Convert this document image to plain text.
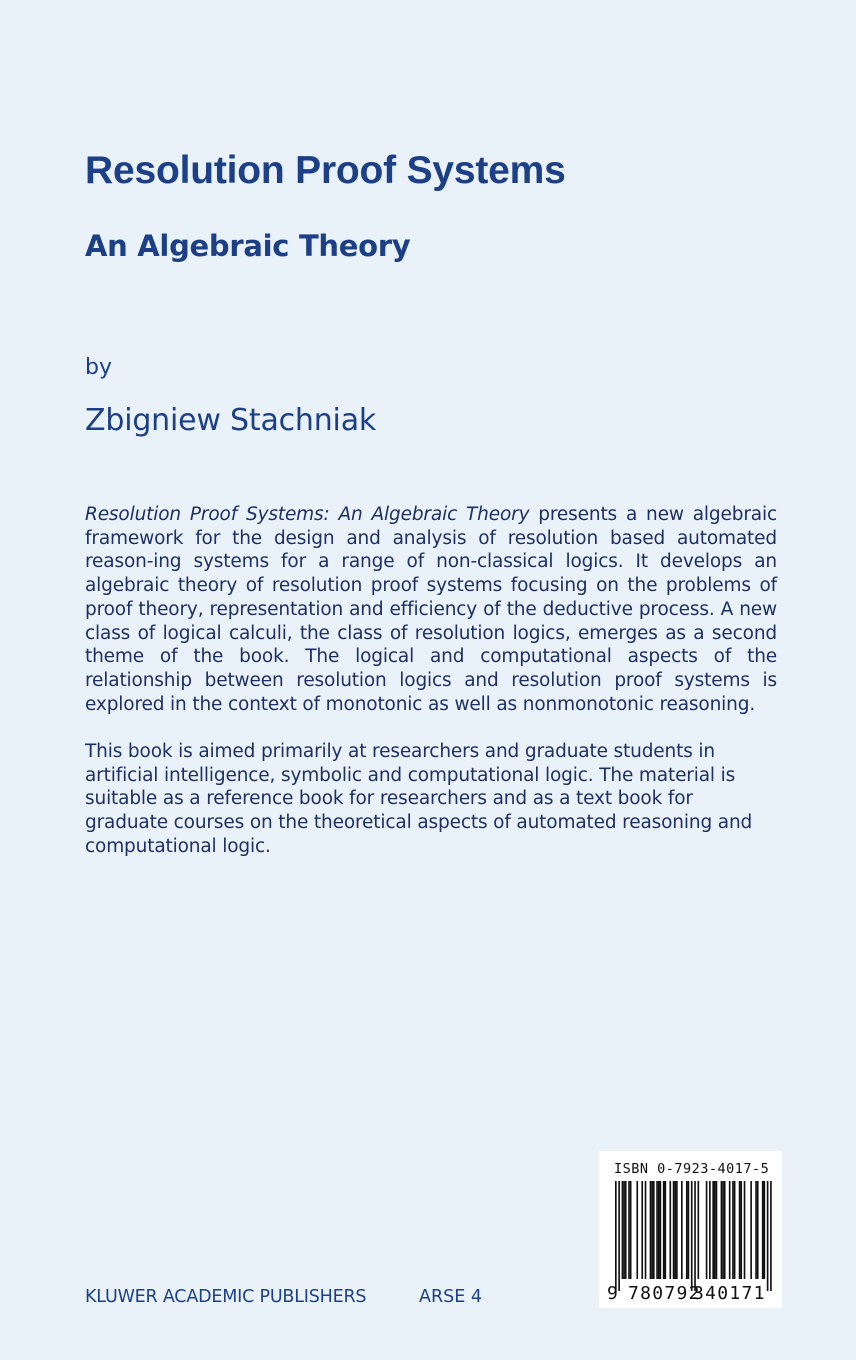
Resolution Proof Systems
An Algebraic Theory
by
Zbigniew Stachniak

Resolution Proof Systems: An Algebraic Theory presents a new algebraic framework for the design and analysis of resolution based automated reason-ing systems for a range of non-classical logics. It develops an algebraic theory of resolution proof systems focusing on the problems of proof theory, representation and efficiency of the deductive process. A new class of logical calculi, the class of resolution logics, emerges as a second theme of the book. The logical and computational aspects of the relationship between resolution logics and resolution proof systems is explored in the context of monotonic as well as nonmonotonic reasoning.

This book is aimed primarily at researchers and graduate students in artificial intelligence, symbolic and computational logic. The material is suitable as a reference book for researchers and as a text book for graduate courses on the theoretical aspects of automated reasoning and computational logic.

KLUWER ACADEMIC PUBLISHERS	ARSE 4
ISBN 0-7923-4017-5
9 780792
340171
